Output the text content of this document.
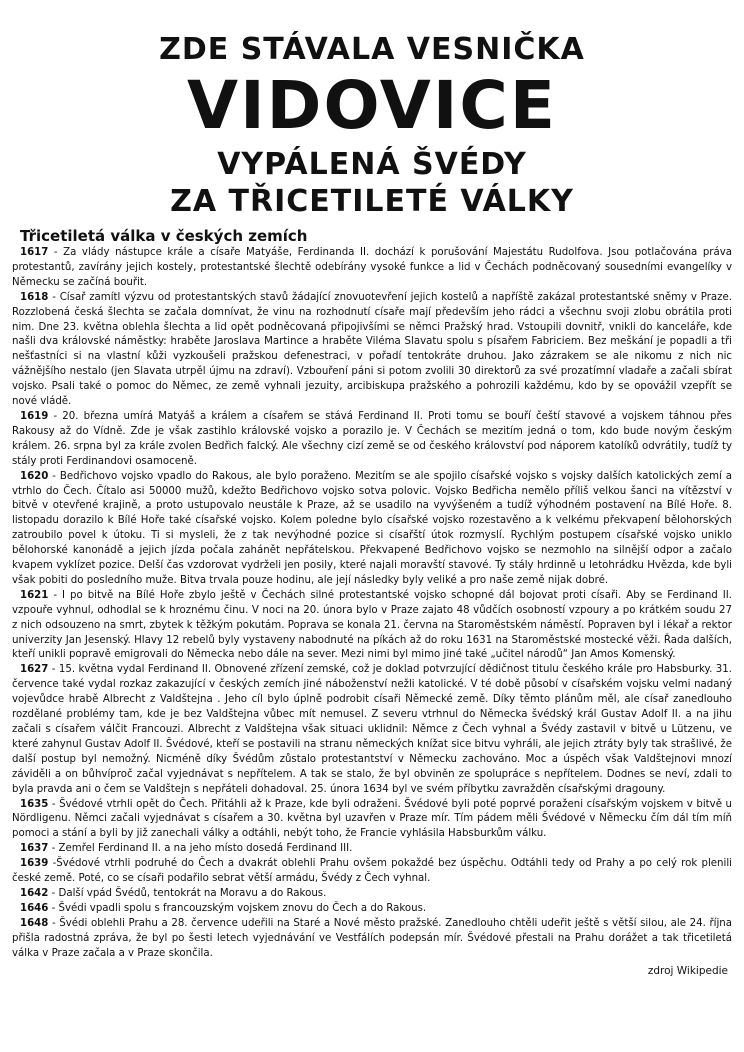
ZDE STÁVALA VESNIČKA
VIDOVICE
VYPÁLENÁ ŠVÉDY
ZA TŘICETILETÉ VÁLKY
Třicetiletá válka v českých zemích

1617 - Za vlády nástupce krále a císaře Matyáše, Ferdinanda II. dochází k porušování Majestátu Rudolfova. Jsou potlačována práva protestantů, zavírány jejich kostely, protestantské šlechtě odebírány vysoké funkce a lid v Čechách podněcovaný sousedními evangelíky v Německu se začíná bouřit.

1618 - Císař zamítl výzvu od protestantských stavů žádající znovuotevření jejich kostelů a napříště zakázal protestantské sněmy v Praze. Rozzlobená česká šlechta se začala domnívat, že vinu na rozhodnutí císaře mají především jeho rádci a všechnu svoji zlobu obrátila proti nim. Dne 23. května oblehla šlechta a lid opět podněcovaná připojivšími se němci Pražský hrad. Vstoupili dovnitř, vnikli do kanceláře, kde našli dva královské náměstky: hraběte Jaroslava Martince a hraběte Viléma Slavatu spolu s písařem Fabriciem. Bez meškání je popadli a tři nešťastníci si na vlastní kůži vyzkoušeli pražskou defenestraci, v pořadí tentokráte druhou. Jako zázrakem se ale nikomu z nich nic vážnějšího nestalo (jen Slavata utrpěl újmu na zdraví). Vzbouření páni si potom zvolili 30 direktorů za své prozatímní vladaře a začali sbírat vojsko. Psali také o pomoc do Němec, ze země vyhnali jezuity, arcibiskupa pražského a pohrozili každému, kdo by se opovážil vzepřít se nové vládě.

1619 - 20. března umírá Matyáš a králem a císařem se stává Ferdinand II. Proti tomu se bouří čeští stavové a vojskem táhnou přes Rakousy až do Vídně. Zde je však zastihlo královské vojsko a porazilo je. V Čechách se mezitím jedná o tom, kdo bude novým českým králem. 26. srpna byl za krále zvolen Bedřich falcký. Ale všechny cizí země se od českého království pod náporem katolíků odvrátily, tudíž ty stály proti Ferdinandovi osamoceně.

1620 - Bedřichovo vojsko vpadlo do Rakous, ale bylo poraženo. Mezitím se ale spojilo císařské vojsko s vojsky dalších katolických zemí a vtrhlo do Čech. Čítalo asi 50000 mužů, kdežto Bedřichovo vojsko sotva polovic. Vojsko Bedřicha nemělo příliš velkou šanci na vítězství v bitvě v otevřené krajině, a proto ustupovalo neustále k Praze, až se usadilo na vyvýšeném a tudíž výhodném postavení na Bílé Hoře. 8. listopadu dorazilo k Bílé Hoře také císařské vojsko. Kolem poledne bylo císařské vojsko rozestavěno a k velkému překvapení bělohorských zatroubilo povel k útoku. Ti si mysleli, že z tak nevýhodné pozice si císařští útok rozmyslí. Rychlým postupem císařské vojsko uniklo bělohorské kanonádě a jejich jízda počala zahánět nepřátelskou. Překvapené Bedřichovo vojsko se nezmohlo na silnější odpor a začalo kvapem vyklízet pozice. Delší čas vzdorovat vydrželi jen posily, které najali moravští stavové. Ty stály hrdinně u letohrádku Hvězda, kde byli však pobiti do posledního muže. Bitva trvala pouze hodinu, ale její následky byly veliké a pro naše země nijak dobré.

1621 - I po bitvě na Bílé Hoře zbylo ještě v Čechách silné protestantské vojsko schopné dál bojovat proti císaři. Aby se Ferdinand II. vzpouře vyhnul, odhodlal se k hroznému činu. V noci na 20. února bylo v Praze zajato 48 vůdčích osobností vzpoury a po krátkém soudu 27 z nich odsouzeno na smrt, zbytek k těžkým pokutám. Poprava se konala 21. června na Staroměstském náměstí. Popraven byl i lékař a rektor univerzity Jan Jesenský. Hlavy 12 rebelů byly vystaveny nabodnuté na píkách až do roku 1631 na Staroměstské mostecké věži. Řada dalších, kteří unikli popravě emigrovali do Německa nebo dále na sever. Mezi nimi byl mimo jiné také „učitel národů“ Jan Amos Komenský.

1627 - 15. května vydal Ferdinand II. Obnovené zřízení zemské, což je doklad potvrzující dědičnost titulu českého krále pro Habsburky. 31. července také vydal rozkaz zakazující v českých zemích jiné náboženství nežli katolické. V té době působí v císařském vojsku velmi nadaný vojevůdce hrabě Albrecht z Valdštejna . Jeho cíl bylo úplně podrobit císaři Německé země. Díky těmto plánům měl, ale císař zanedlouho rozdělané problémy tam, kde je bez Valdštejna vůbec mít nemusel. Z severu vtrhnul do Německa švédský král Gustav Adolf II. a na jihu začali s císařem válčit Francouzi. Albrecht z Valdštejna však situaci uklidnil: Němce z Čech vyhnal a Švédy zastavil v bitvě u Lützenu, ve které zahynul Gustav Adolf II. Švédové, kteří se postavili na stranu německých knížat sice bitvu vyhráli, ale jejich ztráty byly tak strašlivé, že další postup byl nemožný. Nicméně díky Švédům zůstalo protestantství v Německu zachováno. Moc a úspěch však Valdštejnovi mnozí záviděli a on bůhvíproč začal vyjednávat s nepřítelem. A tak se stalo, že byl obviněn ze spolupráce s nepřítelem. Dodnes se neví, zdali to byla pravda ani o čem se Valdštejn s nepřáteli dohadoval. 25. února 1634 byl ve svém příbytku zavražděn císařskými dragouny.

1635 - Švédové vtrhli opět do Čech. Přitáhli až k Praze, kde byli odraženi. Švédové byli poté poprvé poraženi císařským vojskem v bitvě u Nördligenu. Němci začali vyjednávat s císařem a 30. května byl uzavřen v Praze mír. Tím pádem měli Švédové v Německu čím dál tím míň pomoci a stání a byli by již zanechali války a odtáhli, nebýt toho, že Francie vyhlásila Habsburkům válku.

1637 - Zemřel Ferdinand II. a na jeho místo dosedá Ferdinand III.

1639 -Švédové vtrhli podruhé do Čech a dvakrát oblehli Prahu ovšem pokaždé bez úspěchu. Odtáhli tedy od Prahy a po celý rok plenili české země. Poté, co se císaři podařilo sebrat větší armádu, Švédy z Čech vyhnal.

1642 - Další vpád Švédů, tentokrát na Moravu a do Rakous.

1646 - Švédi vpadli spolu s francouzským vojskem znovu do Čech a do Rakous.

1648 - Švédi oblehli Prahu a 28. července udeřili na Staré a Nové město pražské. Zanedlouho chtěli udeřit ještě s větší silou, ale 24. října přišla radostná zpráva, že byl po šesti letech vyjednávání ve Vestfálích podepsán mír. Švédové přestali na Prahu dorážet a tak třicetiletá válka v Praze začala a v Praze skončila.

zdroj Wikipedie
